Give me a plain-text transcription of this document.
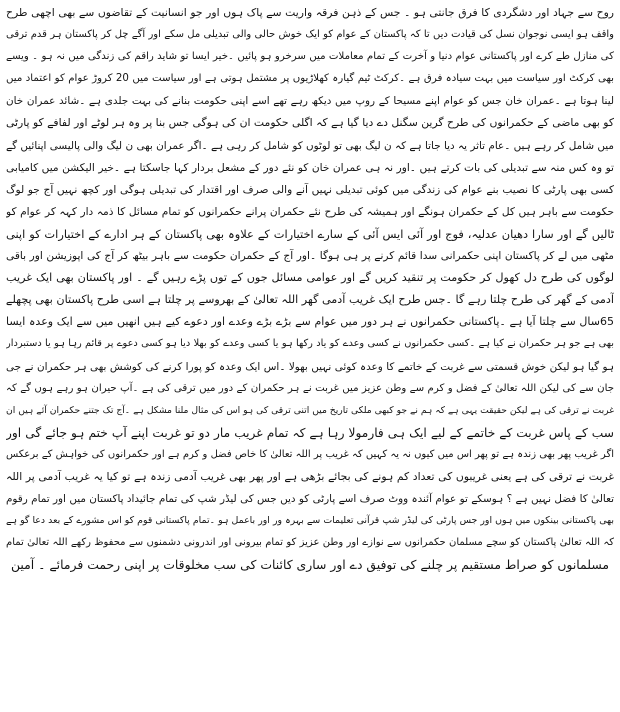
روح سے جہاد اور دشگردی کا فرق جانتی ہو ۔ جس کے ذہن فرقہ واریت سے پاک ہوں اور جو انسانیت کے تقاضوں سے بھی اچھی طرح
واقف ہو ایسی نوجوان نسل کی قیادت دیں تا کہ پاکستان کے عوام کو ایک خوش حالی والی تبدیلی مل سکے اور آگے چل کر پاکستان ہر قدم ترقی
کی منازل طے کرے اور پاکستانی عوام دنیا و آخرت کے تمام معاملات میں سرخرو ہو پائیں ۔خیر ایسا تو شاید راقم کی زندگی میں نہ ہو ۔ ویسے
بھی کرکٹ اور سیاست میں بہت سیادہ فرق ہے ۔کرکٹ ٹیم گیارہ کھلاڑیوں پر مشتمل ہوتی ہے اور سیاست میں 20 کروڑ عوام کو اعتماد میں
لینا ہوتا ہے ۔عمران خان جس کو عوام اپنے مسیحا کے روپ میں دیکھ رہے تھے اسے اپنی حکومت بنانے کی بہت جلدی ہے ۔شائد عمران خان
کو بھی ماضی کے حکمرانوں کی طرح گرین سگنل دے دیا گیا ہے کہ اگلی حکومت ان کی ہوگی جس بنا پر وہ ہر لوٹے اور لفافے کو پارٹی
میں شامل کر رہے ہیں ۔عام تاثر یہ دیا جاتا ہے کہ ن لیگ بھی تو لوٹوں کو شامل کر رہی ہے ۔اگر عمران بھی ن لیگ والی پالیسی اپنائیں گے
تو وہ کس منہ سے تبدیلی کی بات کرتے ہیں ۔اور نہ ہی عمران خان کو نئے دور کے مشعل بردار کہا جاسکتا ہے ۔خیر الیکشن میں کامیابی
کسی بھی پارٹی کا نصیب بنے عوام کی زندگی میں کوئی تبدیلی نہیں آنے والی صرف اور اقتدار کی تبدیلی ہوگی اور کچھ نہیں آج جو لوگ
حکومت سے باہر ہیں کل کے حکمران ہونگے اور ہمیشہ کی طرح نئے حکمران پرانے حکمرانوں کو تمام مسائل کا ذمہ دار کہہ کر عوام کو
ٹالیں گے اور سارا دھیان عدلیہ، فوج اور آئی ایس آئی کے سارے اختیارات کے علاوہ بھی پاکستان کے ہر ادارے کے اختیارات کو اپنی
مٹھی میں لے کر پاکستان اپنی حکمرانی سدا قائم کرنے پر ہی ہوگا ۔اور آج کے حکمران حکومت سے باہر بیٹھ کر آج کی اپوزیشن اور باقی
لوگوں کی طرح دل کھول کر حکومت پر تنقید کریں گے اور عوامی مسائل جوں کے توں پڑے رہیں گے ۔ اور پاکستان بھی ایک غریب
آدمی کے گھر کی طرح چلتا رہے گا ۔جس طرح ایک غریب آدمی گھر اللہ تعالیٰ کے بھروسے پر چلتا ہے اسی طرح پاکستان بھی پچھلے
65سال سے چلتا آیا ہے ۔پاکستانی حکمرانوں نے ہر دور میں عوام سے بڑے بڑے وعدے اور دعوے کیے ہیں انھیں میں سے ایک وعدہ ایسا
بھی ہے جو ہر حکمران نے کیا ہے ۔کسی حکمرانوں نے کسی وعدے کو یاد رکھا ہو یا کسی وعدے کو بھلا دیا ہو کسی دعوے پر قائم رہا ہو یا دستبردار
ہو گیا ہو لیکن خوش قسمتی سے غربت کے خاتمے کا وعدہ کوئی نہیں بھولا ۔اس ایک وعدہ کو پورا کرنے کی کوشش بھی ہر حکمران نے جی
جان سے کی لیکن اللہ تعالیٰ کے فضل و کرم سے وطن عزیز میں غربت نے ہر حکمران کے دور میں ترقی کی ہے ۔آپ حیران ہو رہے ہوں گے کہ
غربت نے ترقی کی ہے لیکن حقیقت یہی ہے کہ ہم نے جو کبھی ملکی تاریخ میں اتنی ترقی کی ہو اس کی مثال ملنا مشکل ہے ۔آج تک جتنے حکمران آئے ہیں ان
سب کے پاس غربت کے خاتمے کے لیے ایک ہی فارمولا رہا ہے کہ تمام غریب مار دو تو غربت اپنے آپ ختم ہو جائے گی اور
اگر غریب پھر بھی زندہ ہے تو پھر اس میں کیوں نہ یہ کہیں کہ غریب پر اللہ تعالیٰ کا خاص فضل و کرم ہے اور حکمرانوں کی خواہش کے برعکس
غربت نے ترقی کی ہے یعنی غریبوں کی تعداد کم ہونے کی بجائے بڑھی ہے اور پھر بھی غریب آدمی زندہ ہے تو کیا یہ غریب آدمی پر اللہ
تعالیٰ کا فضل نہیں ہے ؟ ہوسکے تو عوام آئندہ ووٹ صرف اسے پارٹی کو دیں جس کی لیڈر شپ کی تمام جائیداد پاکستان میں اور تمام رقوم
بھی پاکستانی بینکوں میں ہوں اور جس پارٹی کی لیڈر شپ قرآنی تعلیمات سے بہرہ ور اور باعمل ہو ۔تمام پاکستانی قوم کو اس مشورے کے بعد دعا گو ہے
کہ اللہ تعالیٰ پاکستان کو سچے مسلمان حکمرانوں سے نوازے اور وطن عزیز کو تمام بیرونی اور اندرونی دشمنوں سے محفوظ رکھے اللہ تعالیٰ تمام
مسلمانوں کو صراط مستقیم پر چلنے کی توفیق دے اور ساری کائنات کی سب مخلوقات پر اپنی رحمت فرمائے ۔ آمین
